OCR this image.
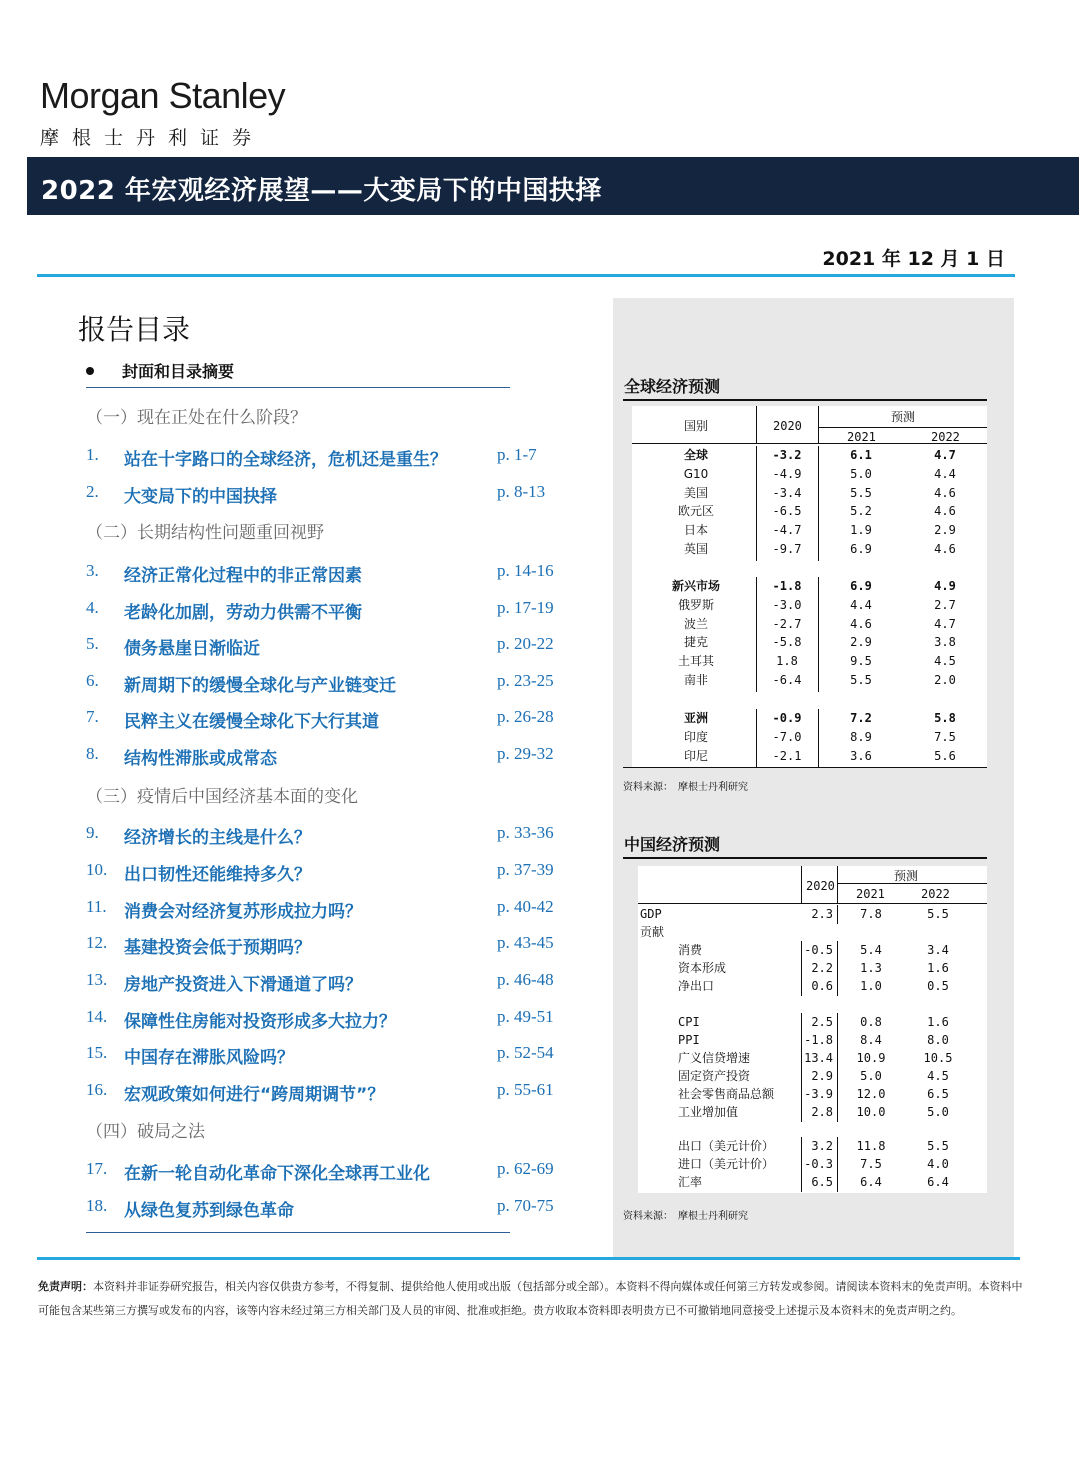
Morgan Stanley
摩根士丹利证券
2022 年宏观经济展望——大变局下的中国抉择
2021 年 12 月 1 日
报告目录
封面和目录摘要
（一）现在正处在什么阶段？
1. 站在十字路口的全球经济，危机还是重生？	p. 1-7
2. 大变局下的中国抉择	p. 8-13
（二）长期结构性问题重回视野
3. 经济正常化过程中的非正常因素	p. 14-16
4. 老龄化加剧，劳动力供需不平衡	p. 17-19
5. 债务悬崖日渐临近	p. 20-22
6. 新周期下的缓慢全球化与产业链变迁	p. 23-25
7. 民粹主义在缓慢全球化下大行其道	p. 26-28
8. 结构性滞胀或成常态	p. 29-32
（三）疫情后中国经济基本面的变化
9. 经济增长的主线是什么？	p. 33-36
10. 出口韧性还能维持多久？	p. 37-39
11. 消费会对经济复苏形成拉力吗？	p. 40-42
12. 基建投资会低于预期吗？	p. 43-45
13. 房地产投资进入下滑通道了吗？	p. 46-48
14. 保障性住房能对投资形成多大拉力？	p. 49-51
15. 中国存在滞胀风险吗？	p. 52-54
16. 宏观政策如何进行“跨周期调节”？	p. 55-61
（四）破局之法
17. 在新一轮自动化革命下深化全球再工业化	p. 62-69
18. 从绿色复苏到绿色革命	p. 70-75
全球经济预测
国别	2020
预测
2021	2022
全球	-3.2	6.1	4.7
G10	-4.9	5.0	4.4
美国	-3.4	5.5	4.6
欧元区	-6.5	5.2	4.6
日本	-4.7	1.9	2.9
英国	-9.7	6.9	4.6
新兴市场	-1.8	6.9	4.9
俄罗斯	-3.0	4.4	2.7
波兰	-2.7	4.6	4.7
捷克	-5.8	2.9	3.8
土耳其	1.8	9.5	4.5
南非	-6.4	5.5	2.0
亚洲	-0.9	7.2	5.8
印度	-7.0	8.9	7.5
印尼	-2.1	3.6	5.6
资料来源：　摩根士丹利研究
中国经济预测
2020
预测
2021	2022
GDP	2.3	7.8	5.5
贡献
消费	-0.5	5.4	3.4
资本形成	2.2	1.3	1.6
净出口	0.6	1.0	0.5
CPI	2.5	0.8	1.6
PPI	-1.8	8.4	8.0
广义信贷增速	13.4	10.9	10.5
固定资产投资	2.9	5.0	4.5
社会零售商品总额	-3.9	12.0	6.5
工业增加值	2.8	10.0	5.0
出口（美元计价）	3.2	11.8	5.5
进口（美元计价）	-0.3	7.5	4.0
汇率	6.5	6.4	6.4
资料来源：　摩根士丹利研究
免责声明：本资料并非证券研究报告，相关内容仅供贵方参考，不得复制、提供给他人使用或出版（包括部分或全部）。本资料不得向媒体或任何第三方转发或参阅。请阅读本资料末的免责声明。本资料中可能包含某些第三方撰写或发布的内容，该等内容未经过第三方相关部门及人员的审阅、批准或拒绝。贵方收取本资料即表明贵方已不可撤销地同意接受上述提示及本资料末的免责声明之约。
